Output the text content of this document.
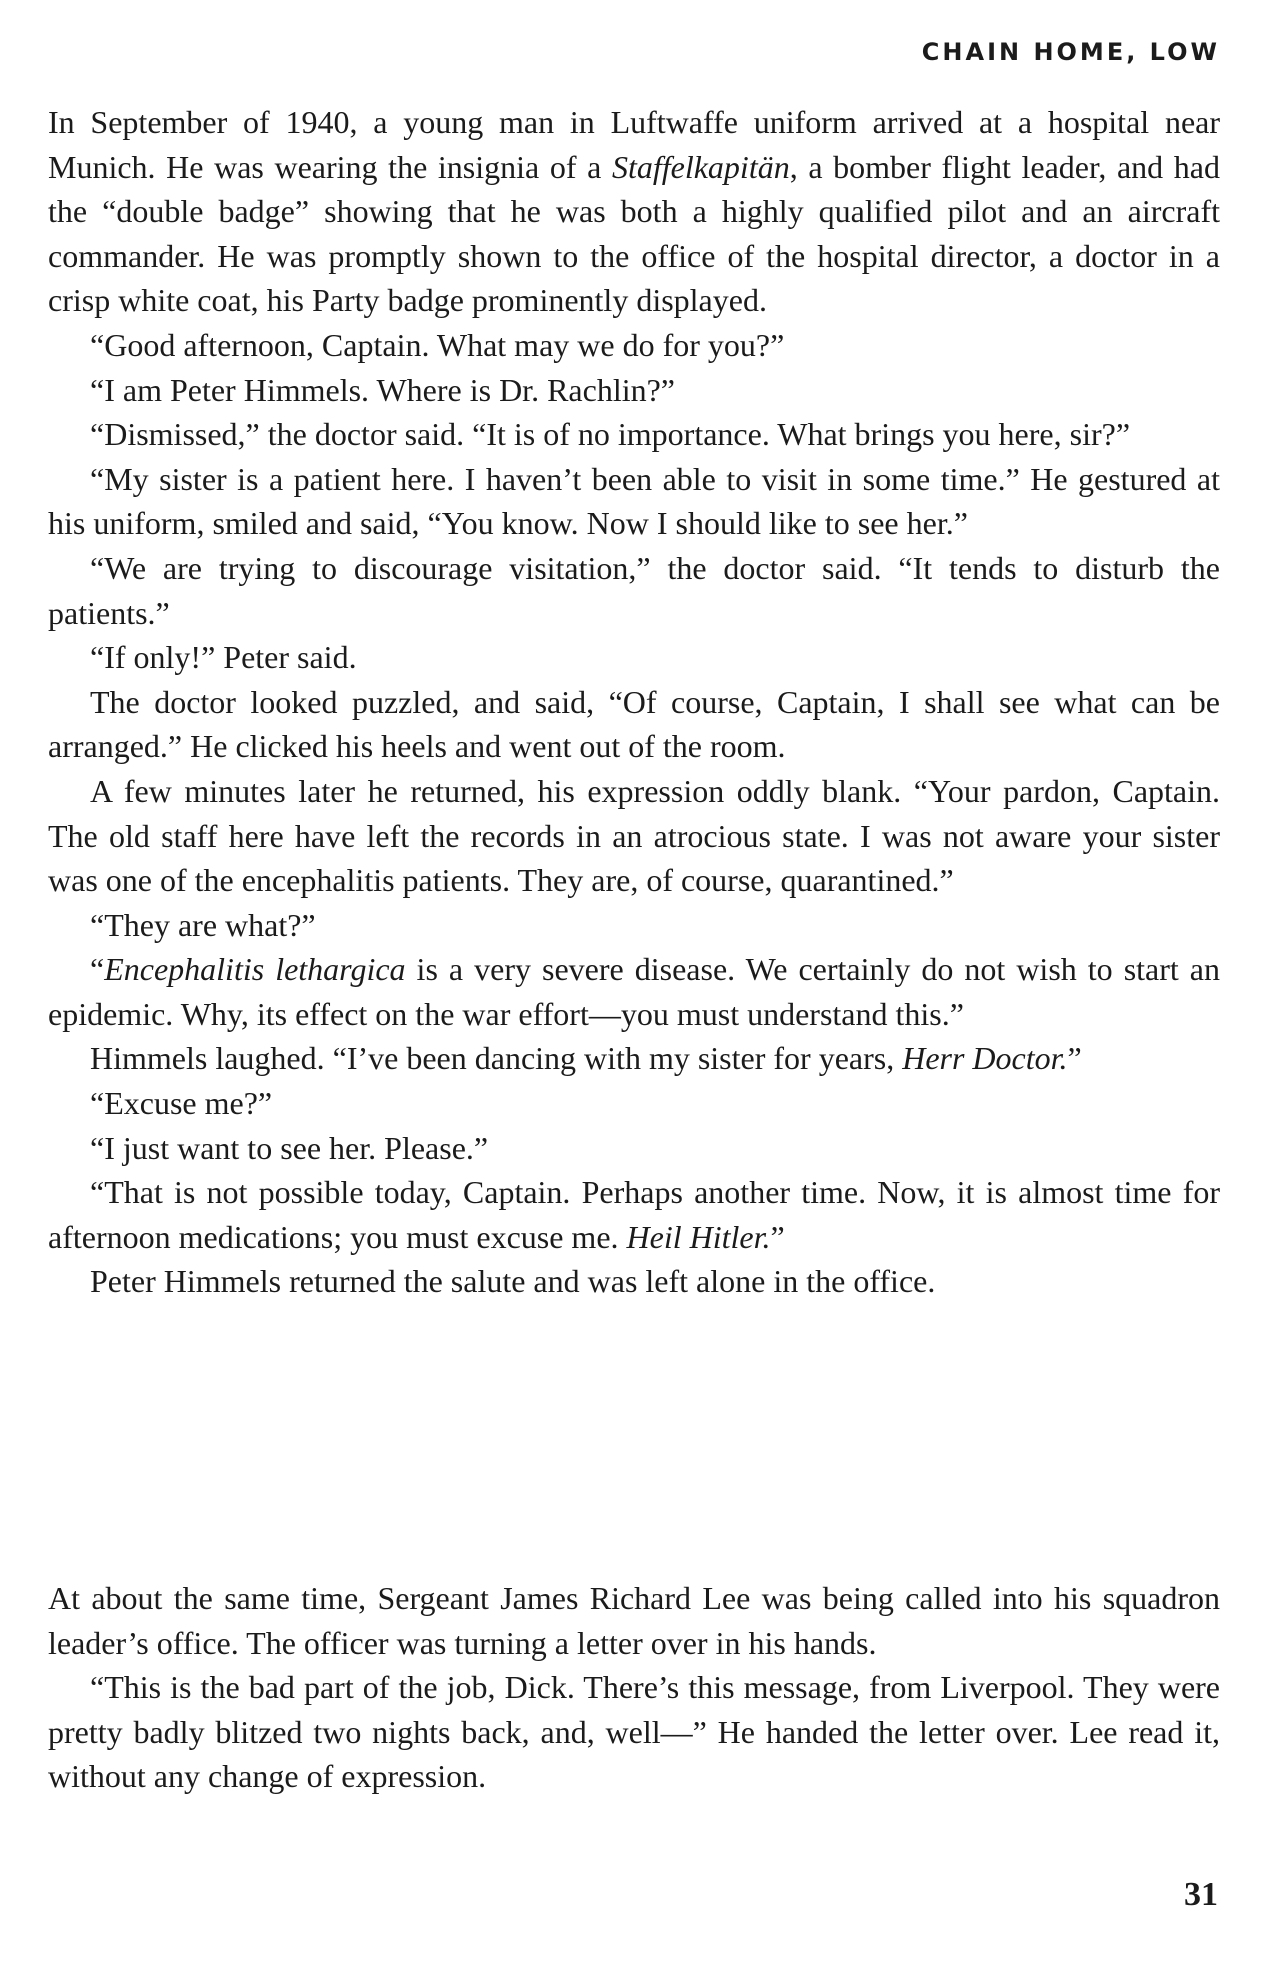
CHAIN HOME, LOW

In September of 1940, a young man in Luftwaffe uniform arrived at a hospital near Munich. He was wearing the insignia of a Staffelkapitän, a bomber flight leader, and had the “double badge” showing that he was both a highly qualified pilot and an aircraft commander. He was promptly shown to the office of the hospital director, a doctor in a crisp white coat, his Party badge prominently displayed.

“Good afternoon, Captain. What may we do for you?”

“I am Peter Himmels. Where is Dr. Rachlin?”

“Dismissed,” the doctor said. “It is of no importance. What brings you here, sir?”

“My sister is a patient here. I haven’t been able to visit in some time.” He gestured at his uniform, smiled and said, “You know. Now I should like to see her.”

“We are trying to discourage visitation,” the doctor said. “It tends to disturb the patients.”

“If only!” Peter said.

The doctor looked puzzled, and said, “Of course, Captain, I shall see what can be arranged.” He clicked his heels and went out of the room.

A few minutes later he returned, his expression oddly blank. “Your pardon, Captain. The old staff here have left the records in an atrocious state. I was not aware your sister was one of the encephalitis patients. They are, of course, quarantined.”

“They are what?”

“Encephalitis lethargica is a very severe disease. We certainly do not wish to start an epidemic. Why, its effect on the war effort—you must understand this.”

Himmels laughed. “I’ve been dancing with my sister for years, Herr Doctor.”

“Excuse me?”

“I just want to see her. Please.”

“That is not possible today, Captain. Perhaps another time. Now, it is almost time for afternoon medications; you must excuse me. Heil Hitler.”

Peter Himmels returned the salute and was left alone in the office.

At about the same time, Sergeant James Richard Lee was being called into his squadron leader’s office. The officer was turning a letter over in his hands.

“This is the bad part of the job, Dick. There’s this message, from Liverpool. They were pretty badly blitzed two nights back, and, well—” He handed the letter over. Lee read it, without any change of expression.

31
